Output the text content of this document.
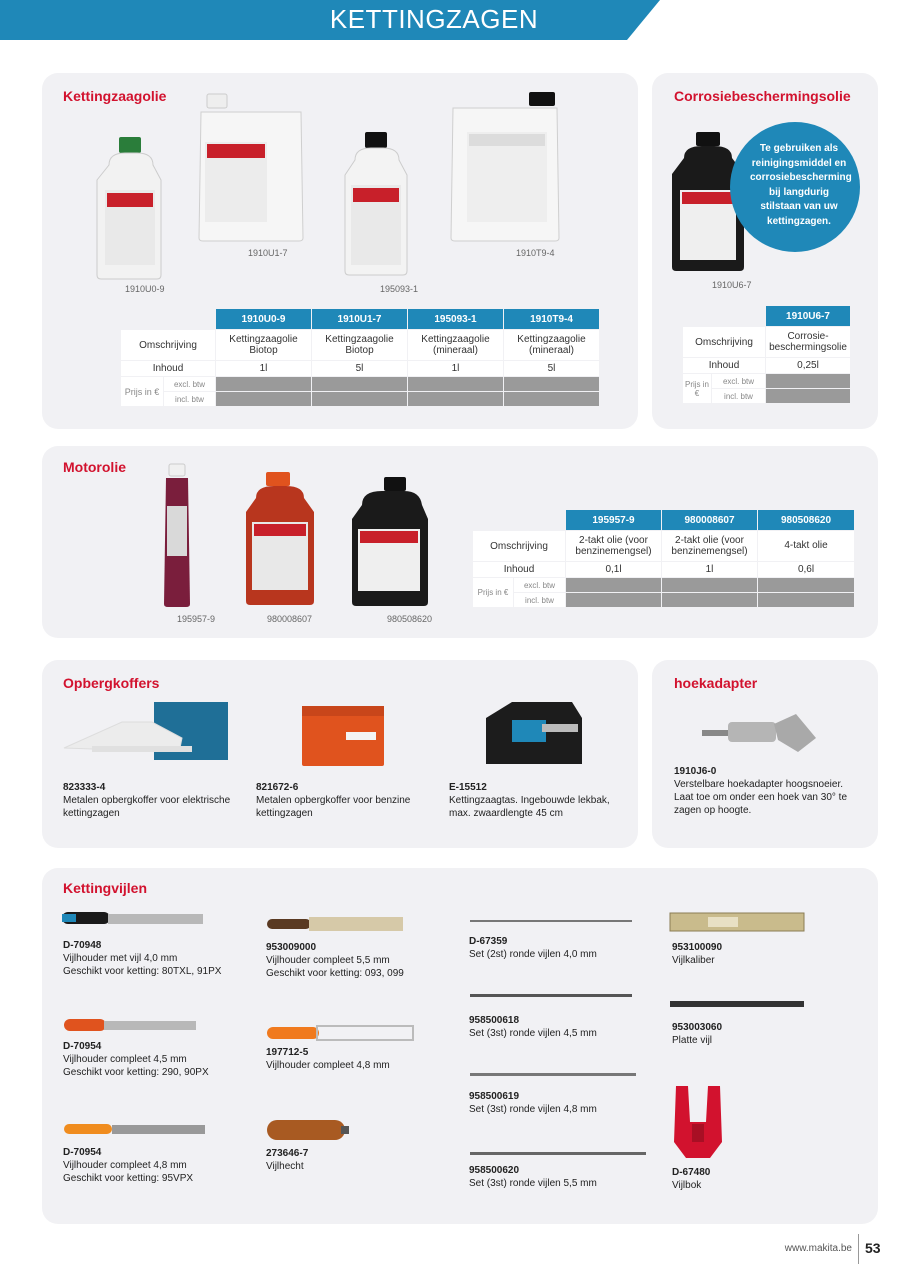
KETTINGZAGEN
Kettingzaagolie
1910U0-9
1910U1-7
195093-1
1910T9-4
		1910U0-9	1910U1-7	195093-1	1910T9-4
Omschrijving		Kettingzaagolie Biotop	Kettingzaagolie Biotop	Kettingzaagolie (mineraal)	Kettingzaagolie (mineraal)
Inhoud		1l	5l	1l	5l
Prijs in €	excl. btw				
	incl. btw				
Corrosiebeschermingsolie
Te gebruiken als reinigingsmiddel en corrosiebescherming bij langdurig stilstaan van uw kettingzagen.
1910U6-7
		1910U6-7
Omschrijving		Corrosie-beschermingsolie
Inhoud		0,25l
Prijs in €	excl. btw	
	incl. btw	
Motorolie
195957-9	980008607	980508620
		195957-9	980008607	980508620
Omschrijving		2-takt olie (voor benzinemengsel)	2-takt olie (voor benzinemengsel)	4-takt olie
Inhoud		0,1l	1l	0,6l
Prijs in €	excl. btw			
	incl. btw			
Opbergkoffers
823333-4
Metalen opbergkoffer voor elektrische kettingzagen
821672-6
Metalen opbergkoffer voor benzine kettingzagen
E-15512
Kettingzaagtas. Ingebouwde lekbak, max. zwaardlengte 45 cm
hoekadapter
1910J6-0
Verstelbare hoekadapter hoogsnoeier. Laat toe om onder een hoek van 30° te zagen op hoogte.
Kettingvijlen
D-70948
Vijlhouder met vijl 4,0 mm
Geschikt voor ketting: 80TXL, 91PX
D-70954
Vijlhouder compleet 4,5 mm
Geschikt voor ketting: 290, 90PX
D-70954
Vijlhouder compleet 4,8 mm
Geschikt voor ketting: 95VPX
953009000
Vijlhouder compleet 5,5 mm
Geschikt voor ketting: 093, 099
197712-5
Vijlhouder compleet 4,8 mm
273646-7
Vijlhecht
D-67359
Set (2st) ronde vijlen 4,0 mm
958500618
Set (3st) ronde vijlen 4,5 mm
958500619
Set (3st) ronde vijlen 4,8 mm
958500620
Set (3st) ronde vijlen 5,5 mm
953100090
Vijlkaliber
953003060
Platte vijl
D-67480
Vijlbok
www.makita.be 53
